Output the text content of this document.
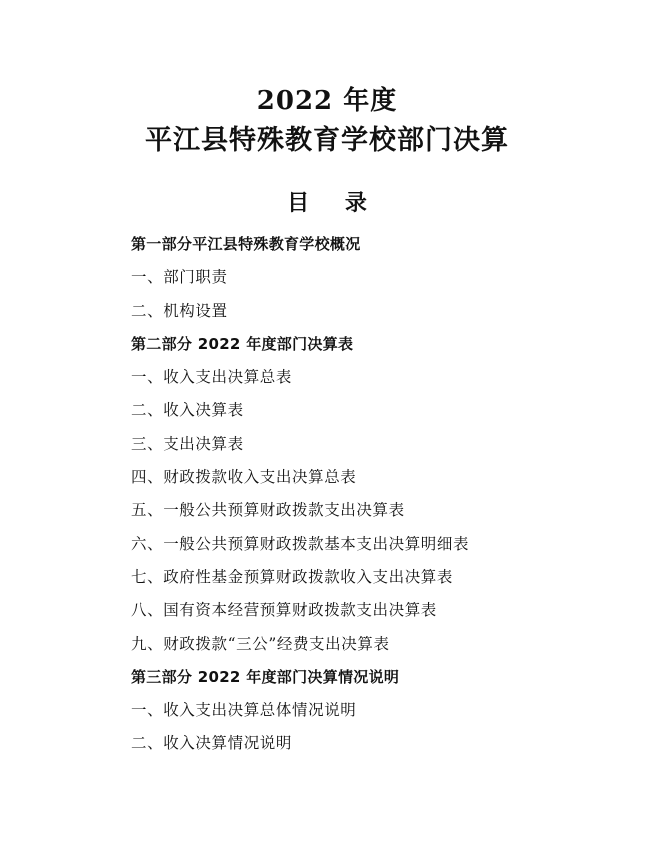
2022 年度
平江县特殊教育学校部门决算
目 录
第一部分平江县特殊教育学校概况
一、部门职责
二、机构设置
第二部分 2022 年度部门决算表
一、收入支出决算总表
二、收入决算表
三、支出决算表
四、财政拨款收入支出决算总表
五、一般公共预算财政拨款支出决算表
六、一般公共预算财政拨款基本支出决算明细表
七、政府性基金预算财政拨款收入支出决算表
八、国有资本经营预算财政拨款支出决算表
九、财政拨款“三公”经费支出决算表
第三部分 2022 年度部门决算情况说明
一、收入支出决算总体情况说明
二、收入决算情况说明
